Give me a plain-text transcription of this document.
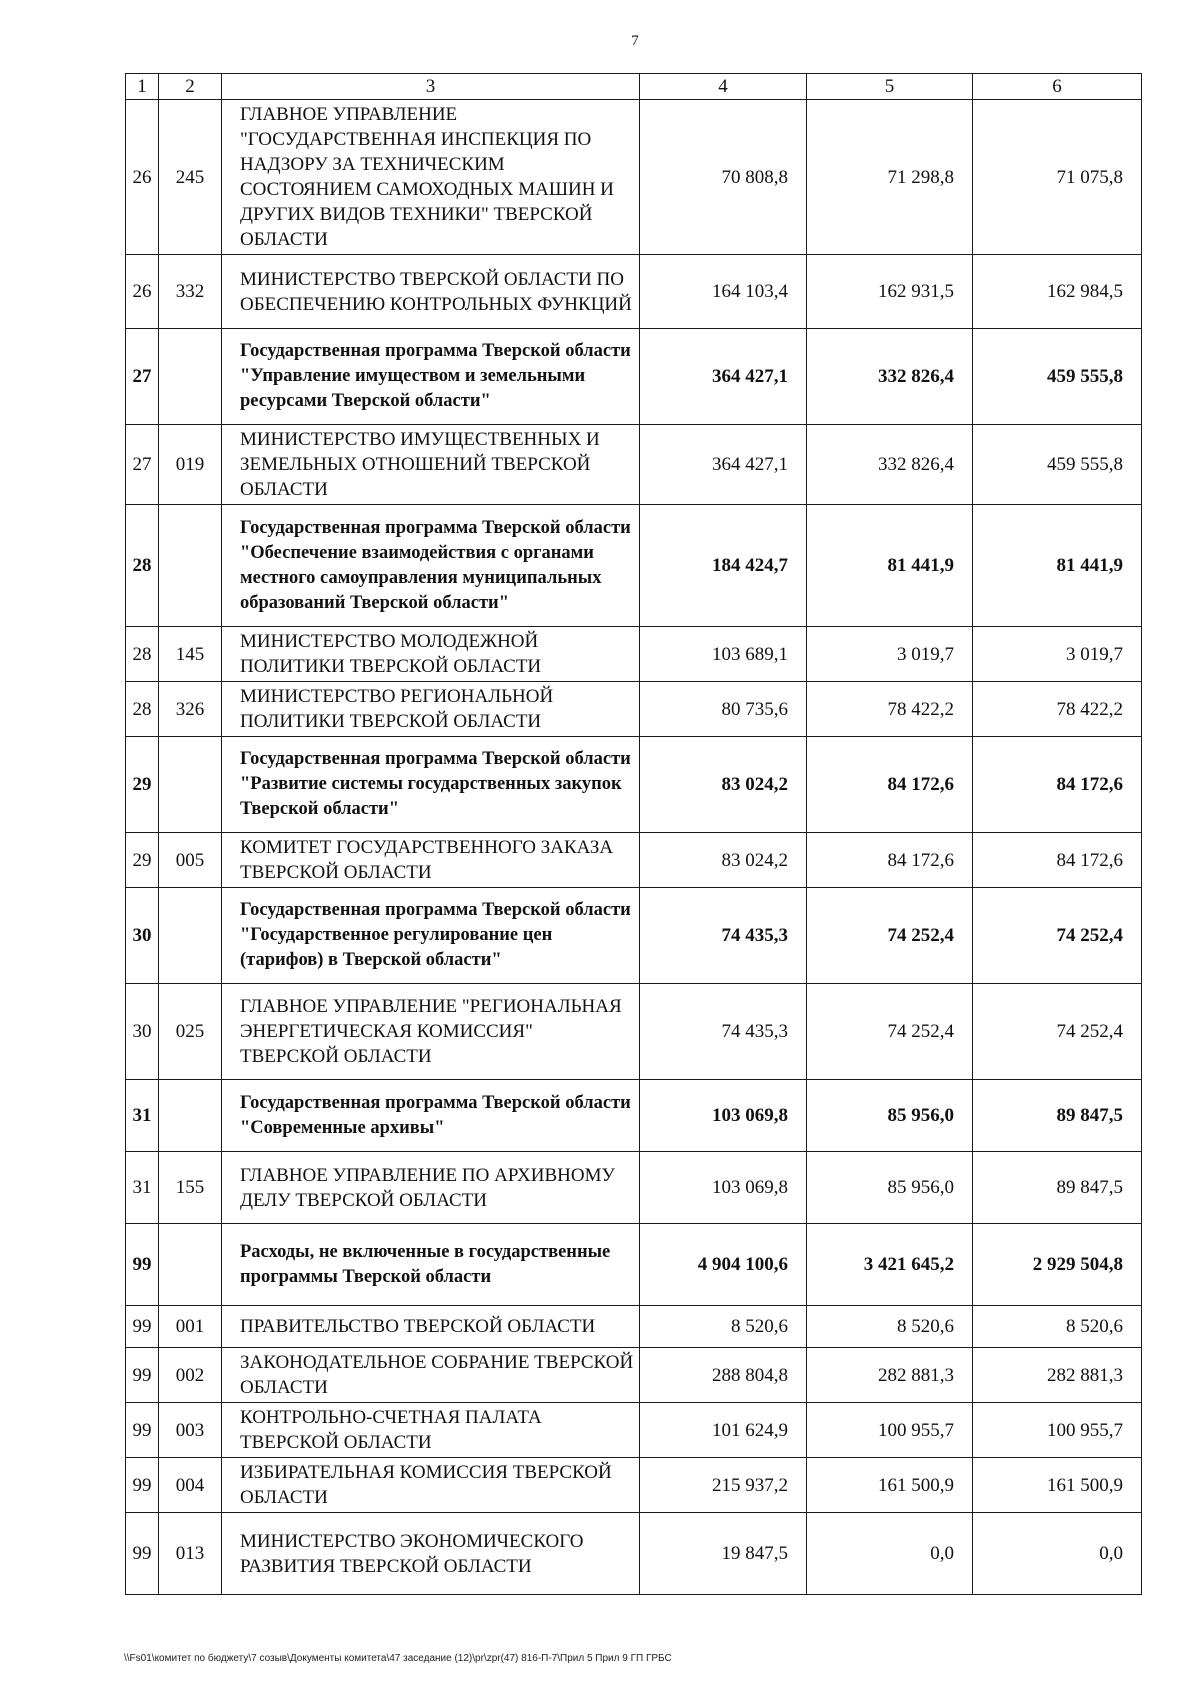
7
1	2	3	4	5	6
26	245	ГЛАВНОЕ УПРАВЛЕНИЕ "ГОСУДАРСТВЕННАЯ ИНСПЕКЦИЯ ПО НАДЗОРУ ЗА ТЕХНИЧЕСКИМ СОСТОЯНИЕМ САМОХОДНЫХ МАШИН И ДРУГИХ ВИДОВ ТЕХНИКИ" ТВЕРСКОЙ ОБЛАСТИ	70 808,8	71 298,8	71 075,8
26	332	МИНИСТЕРСТВО ТВЕРСКОЙ ОБЛАСТИ ПО ОБЕСПЕЧЕНИЮ КОНТРОЛЬНЫХ ФУНКЦИЙ	164 103,4	162 931,5	162 984,5
27		Государственная программа Тверской области "Управление имуществом и земельными ресурсами Тверской области"	364 427,1	332 826,4	459 555,8
27	019	МИНИСТЕРСТВО ИМУЩЕСТВЕННЫХ И ЗЕМЕЛЬНЫХ ОТНОШЕНИЙ ТВЕРСКОЙ ОБЛАСТИ	364 427,1	332 826,4	459 555,8
28		Государственная программа Тверской области "Обеспечение взаимодействия с органами местного самоуправления муниципальных образований Тверской области"	184 424,7	81 441,9	81 441,9
28	145	МИНИСТЕРСТВО МОЛОДЕЖНОЙ ПОЛИТИКИ ТВЕРСКОЙ ОБЛАСТИ	103 689,1	3 019,7	3 019,7
28	326	МИНИСТЕРСТВО РЕГИОНАЛЬНОЙ ПОЛИТИКИ ТВЕРСКОЙ ОБЛАСТИ	80 735,6	78 422,2	78 422,2
29		Государственная программа Тверской области "Развитие системы государственных закупок Тверской области"	83 024,2	84 172,6	84 172,6
29	005	КОМИТЕТ ГОСУДАРСТВЕННОГО ЗАКАЗА ТВЕРСКОЙ ОБЛАСТИ	83 024,2	84 172,6	84 172,6
30		Государственная программа Тверской области "Государственное регулирование цен (тарифов) в Тверской области"	74 435,3	74 252,4	74 252,4
30	025	ГЛАВНОЕ УПРАВЛЕНИЕ "РЕГИОНАЛЬНАЯ ЭНЕРГЕТИЧЕСКАЯ КОМИССИЯ" ТВЕРСКОЙ ОБЛАСТИ	74 435,3	74 252,4	74 252,4
31		Государственная программа Тверской области "Современные архивы"	103 069,8	85 956,0	89 847,5
31	155	ГЛАВНОЕ УПРАВЛЕНИЕ ПО АРХИВНОМУ ДЕЛУ ТВЕРСКОЙ ОБЛАСТИ	103 069,8	85 956,0	89 847,5
99		Расходы, не включенные в государственные программы Тверской области	4 904 100,6	3 421 645,2	2 929 504,8
99	001	ПРАВИТЕЛЬСТВО ТВЕРСКОЙ ОБЛАСТИ	8 520,6	8 520,6	8 520,6
99	002	ЗАКОНОДАТЕЛЬНОЕ СОБРАНИЕ ТВЕРСКОЙ ОБЛАСТИ	288 804,8	282 881,3	282 881,3
99	003	КОНТРОЛЬНО-СЧЕТНАЯ ПАЛАТА ТВЕРСКОЙ ОБЛАСТИ	101 624,9	100 955,7	100 955,7
99	004	ИЗБИРАТЕЛЬНАЯ КОМИССИЯ ТВЕРСКОЙ ОБЛАСТИ	215 937,2	161 500,9	161 500,9
99	013	МИНИСТЕРСТВО ЭКОНОМИЧЕСКОГО РАЗВИТИЯ ТВЕРСКОЙ ОБЛАСТИ	19 847,5	0,0	0,0
\\Fs01\комитет по бюджету\7 созыв\Документы комитета\47 заседание (12)\pr\zpr(47) 816-П-7\Прил 5 Прил 9 ГП ГРБС
